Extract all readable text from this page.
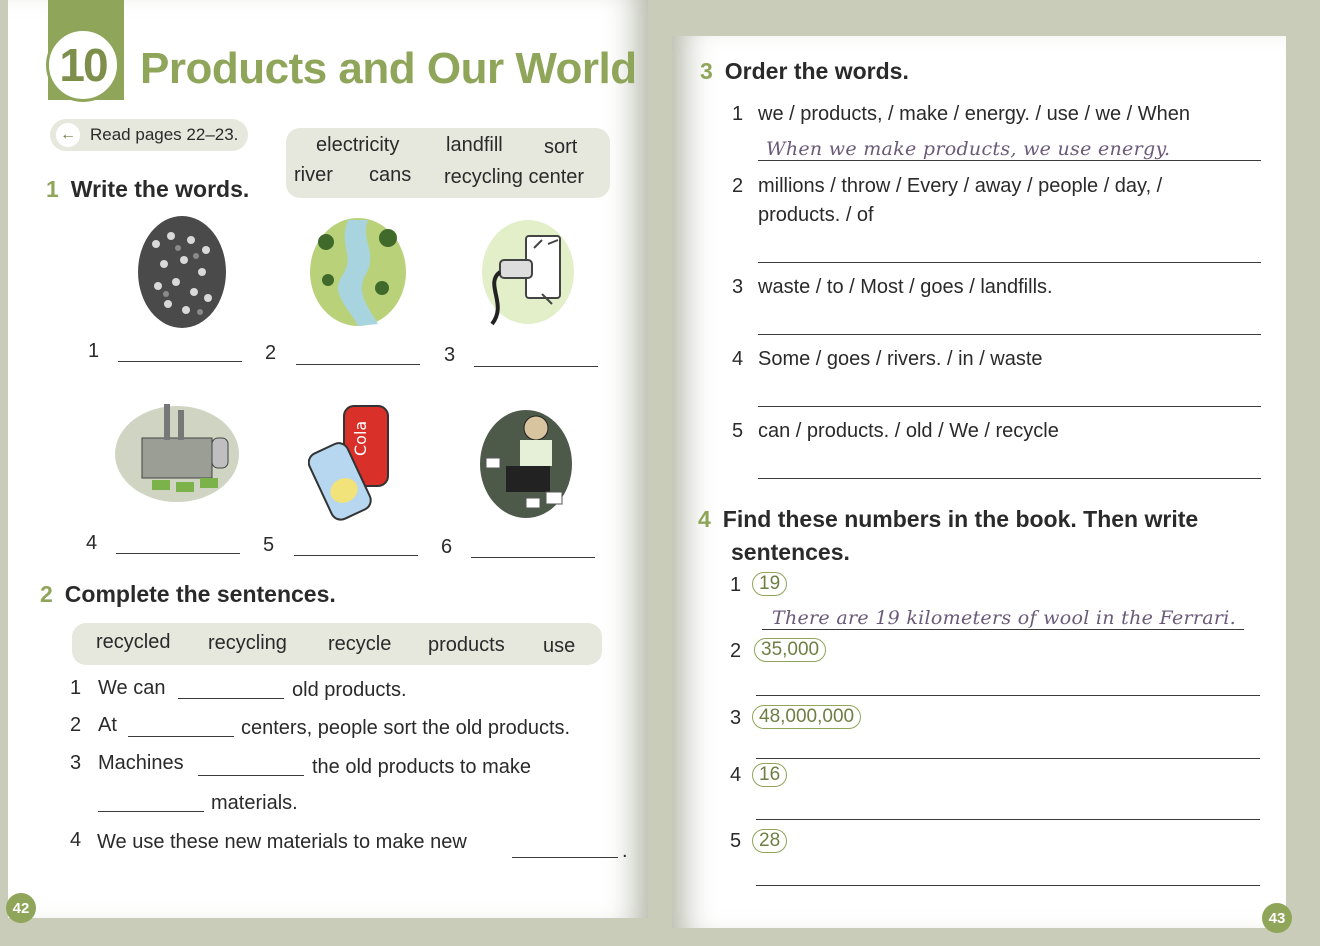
10 Products and Our World
← Read pages 22–23.	electricity landfill sort
river cans recycling center
1 Write the words.
Cola
1	2	3
4	5	6
2 Complete the sentences.
recycled recycling recycle products use
1 We can	old products.
2 At	centers, people sort the old products.
3 Machines	the old products to make
materials.
4 We use these new materials to make new	.
3 Order the words.
1 we / products, / make / energy. / use / we / When
When we make products, we use energy.
2 millions / throw / Every / away / people / day, /
products. / of
3 waste / to / Most / goes / landfills.
4 Some / goes / rivers. / in / waste
5 can / products. / old / We / recycle
4 Find these numbers in the book. Then write
sentences.
1 19
There are 19 kilometers of wool in the Ferrari.
2	35,000
3 48,000,000
4 16
5 28
42
43
